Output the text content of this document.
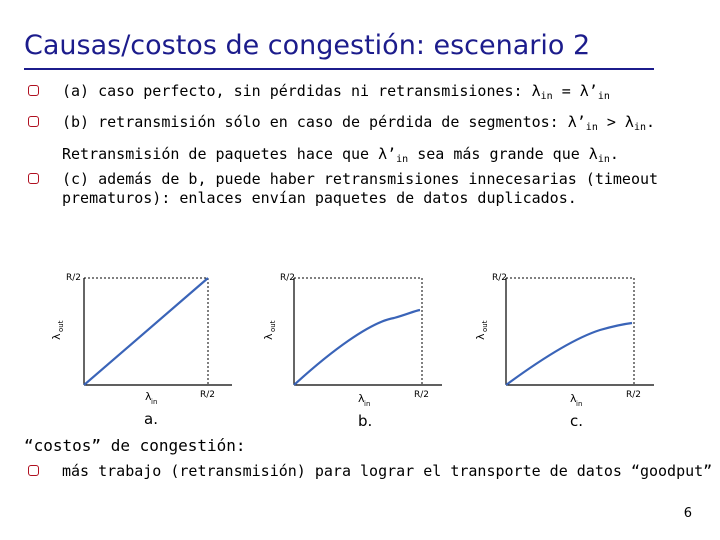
Causas/costos de congestión: escenario 2
(a) caso perfecto, sin pérdidas ni retransmisiones: $\lambda_{in}$ = $\lambda’_{in}$
(b) retransmisión sólo en caso de pérdida de segmentos: $\lambda’_{in} > \lambda_{in}$.
Retransmisión de paquetes hace que $\lambda’_{in}$ sea más grande que $\lambda_{in}$.
(c) además de b, puede haber retransmisiones innecesarias (timeout
prematuros): enlaces envían paquetes de datos duplicados.
R/2
R/2
λ
out
λ in
a.
R/2
R/2
λ
out
λ in
b.
R/2
R/2
λ
out
λ in
c.
“costos” de congestión:
más trabajo (retransmisión) para lograr el transporte de datos “goodput”
6
